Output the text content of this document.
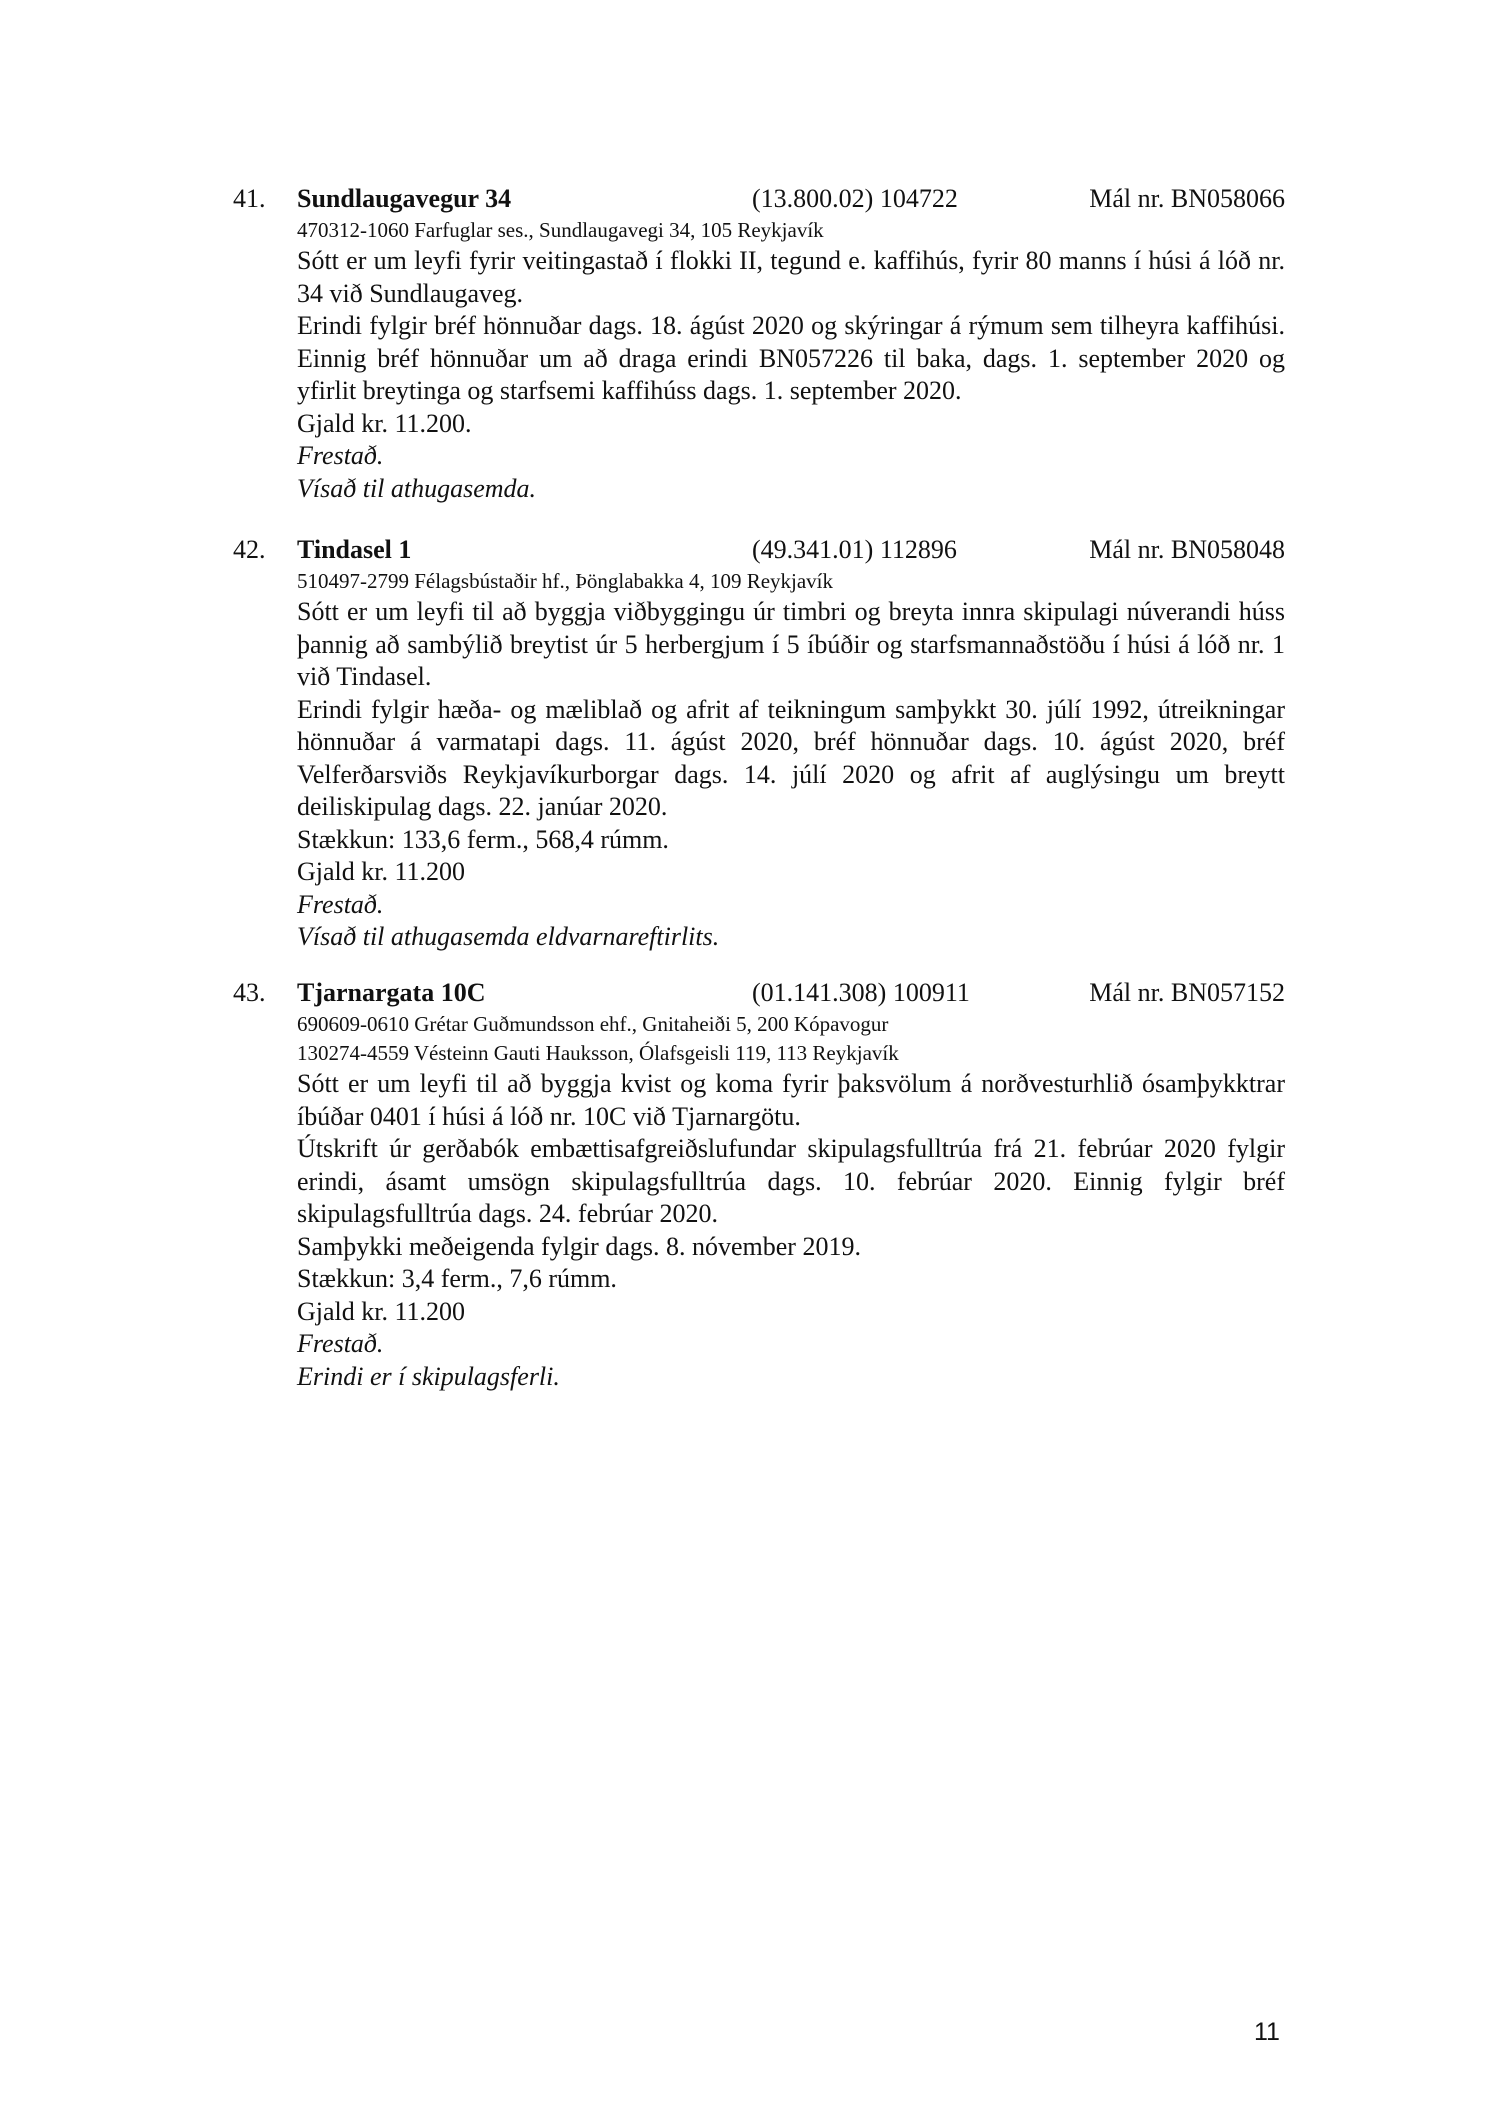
41. Sundlaugavegur 34	(13.800.02) 104722	Mál nr. BN058066
470312-1060 Farfuglar ses., Sundlaugavegi 34, 105 Reykjavík

Sótt er um leyfi fyrir veitingastað í flokki II, tegund e. kaffihús, fyrir 80 manns í húsi á lóð nr. 34 við Sundlaugaveg.

Erindi fylgir bréf hönnuðar dags. 18. ágúst 2020 og skýringar á rýmum sem tilheyra kaffihúsi. Einnig bréf hönnuðar um að draga erindi BN057226 til baka, dags. 1. september 2020 og yfirlit breytinga og starfsemi kaffihúss dags. 1. september 2020.

Gjald kr. 11.200.

Frestað.

Vísað til athugasemda.

42. Tindasel 1	(49.341.01) 112896	Mál nr. BN058048
510497-2799 Félagsbústaðir hf., Þönglabakka 4, 109 Reykjavík

Sótt er um leyfi til að byggja viðbyggingu úr timbri og breyta innra skipulagi núverandi húss þannig að sambýlið breytist úr 5 herbergjum í 5 íbúðir og starfsmannaðstöðu í húsi á lóð nr. 1 við Tindasel.

Erindi fylgir hæða- og mæliblað og afrit af teikningum samþykkt 30. júlí 1992, útreikningar hönnuðar á varmatapi dags. 11. ágúst 2020, bréf hönnuðar dags. 10. ágúst 2020, bréf Velferðarsviðs Reykjavíkurborgar dags. 14. júlí 2020 og afrit af auglýsingu um breytt deiliskipulag dags. 22. janúar 2020.

Stækkun: 133,6 ferm., 568,4 rúmm.

Gjald kr. 11.200

Frestað.

Vísað til athugasemda eldvarnareftirlits.

43. Tjarnargata 10C	(01.141.308) 100911	Mál nr. BN057152
690609-0610 Grétar Guðmundsson ehf., Gnitaheiði 5, 200 Kópavogur
130274-4559 Vésteinn Gauti Hauksson, Ólafsgeisli 119, 113 Reykjavík

Sótt er um leyfi til að byggja kvist og koma fyrir þaksvölum á norðvesturhlið ósamþykktrar íbúðar 0401 í húsi á lóð nr. 10C við Tjarnargötu.

Útskrift úr gerðabók embættisafgreiðslufundar skipulagsfulltrúa frá 21. febrúar 2020 fylgir erindi, ásamt umsögn skipulagsfulltrúa dags. 10. febrúar 2020. Einnig fylgir bréf skipulagsfulltrúa dags. 24. febrúar 2020.

Samþykki meðeigenda fylgir dags. 8. nóvember 2019.

Stækkun: 3,4 ferm., 7,6 rúmm.

Gjald kr. 11.200

Frestað.

Erindi er í skipulagsferli.

11
